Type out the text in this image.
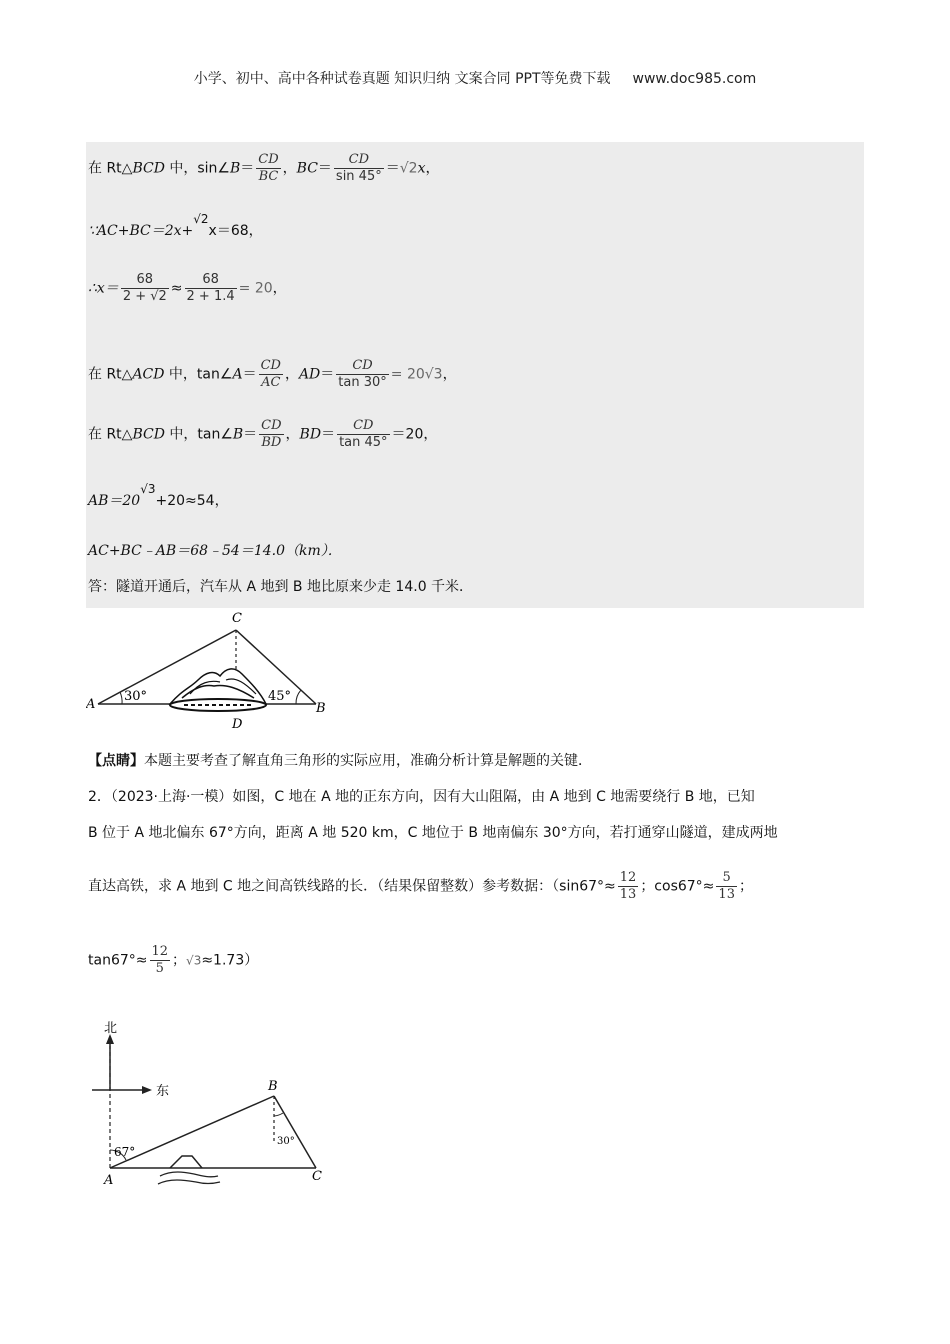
小学、初中、高中各种试卷真题 知识归纳 文案合同 PPT等免费下载 www.doc985.com
在 Rt△BCD 中，sin∠B＝ $\frac{CD}{BC}$ ，$BC= \frac{CD}{\sin 45^\circ} =√2x$，
∵AC+BC＝2x+√2x＝68，
∴x＝ $\frac{68}{2 + √2} \approx \frac{68}{2 + 1.4} = 20$，
在 Rt△ACD 中，tan∠A＝ $\frac{CD}{AC}$ ，$AD= \frac{CD}{\tan 30^\circ} = 20√3$，
在 Rt△BCD 中，tan∠B＝ $\frac{CD}{BD}$ ，$BD= \frac{CD}{\tan 45^\circ} =20$，
AB＝20√3+20≈54，
AC+BC﹣AB＝68﹣54＝14.0（km）．
答：隧道开通后，汽车从 A 地到 B 地比原来少走 14.0 千米．
C
A	B
D
30°	45°
【点睛】本题主要考查了解直角三角形的实际应用，准确分析计算是解题的关键．
2．（2023·上海·一模）如图，C 地在 A 地的正东方向，因有大山阻隔，由 A 地到 C 地需要绕行 B 地，已知
B 位于 A 地北偏东 67°方向，距离 A 地 520 km，C 地位于 B 地南偏东 30°方向，若打通穿山隧道，建成两地
直达高铁，求 A 地到 C 地之间高铁线路的长．（结果保留整数）参考数据：（$\sin 67^\circ\approx \frac{12}{13}$ ；$\cos 67^\circ\approx \frac{5}{13}$ ；
$\tan 67^\circ\approx \frac{12}{5}$ ；√3≈1.73）
北
东
A
B
C
67°
30°
